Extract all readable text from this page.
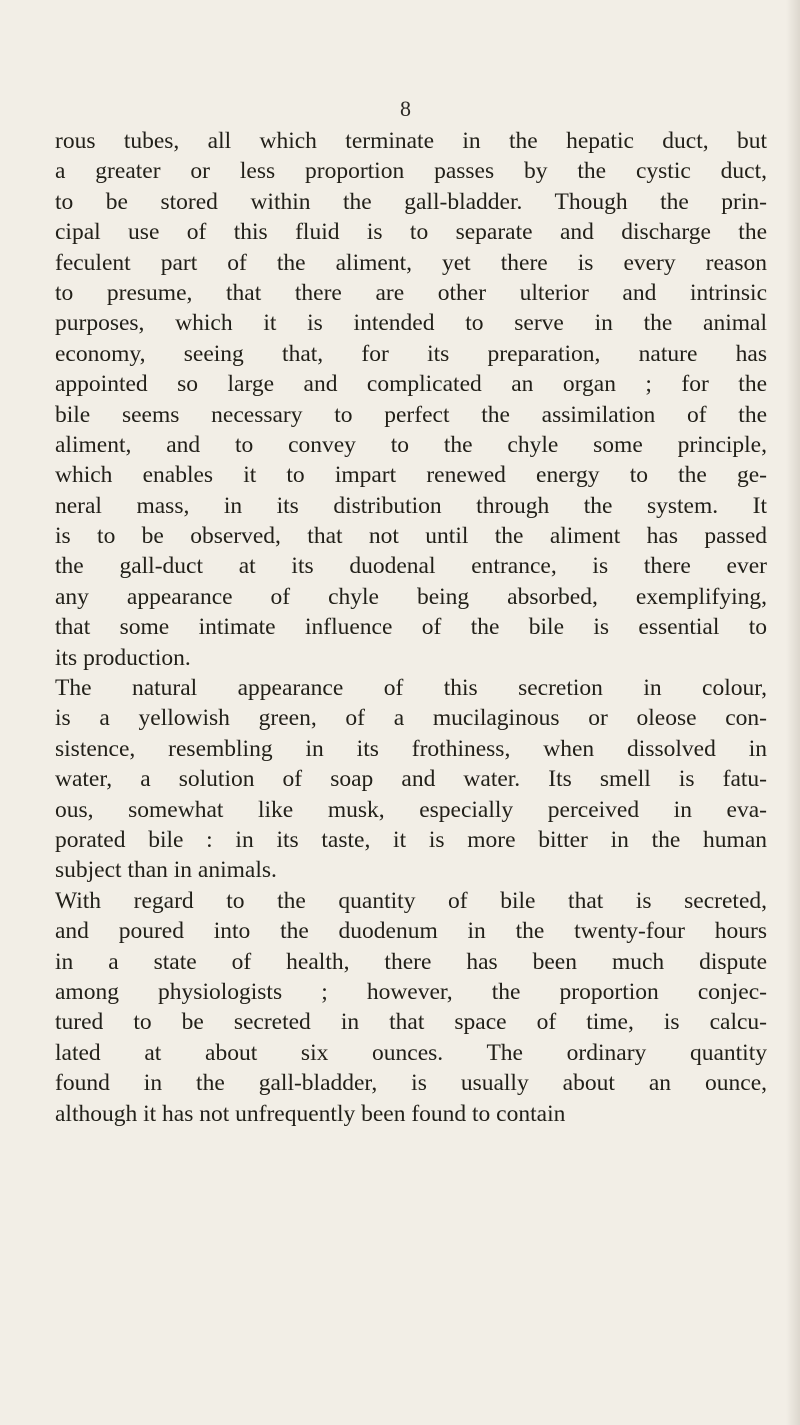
8
rous tubes, all which terminate in the hepatic duct, but
a greater or less proportion passes by the cystic duct,
to be stored within the gall-bladder. Though the prin-
cipal use of this fluid is to separate and discharge the
feculent part of the aliment, yet there is every reason
to presume, that there are other ulterior and intrinsic
purposes, which it is intended to serve in the animal
economy, seeing that, for its preparation, nature has
appointed so large and complicated an organ ; for the
bile seems necessary to perfect the assimilation of the
aliment, and to convey to the chyle some principle,
which enables it to impart renewed energy to the ge-
neral mass, in its distribution through the system. It
is to be observed, that not until the aliment has passed
the gall-duct at its duodenal entrance, is there ever
any appearance of chyle being absorbed, exemplifying,
that some intimate influence of the bile is essential to
its production.
The natural appearance of this secretion in colour,
is a yellowish green, of a mucilaginous or oleose con-
sistence, resembling in its frothiness, when dissolved in
water, a solution of soap and water. Its smell is fatu-
ous, somewhat like musk, especially perceived in eva-
porated bile : in its taste, it is more bitter in the human
subject than in animals.
With regard to the quantity of bile that is secreted,
and poured into the duodenum in the twenty-four hours
in a state of health, there has been much dispute
among physiologists ; however, the proportion conjec-
tured to be secreted in that space of time, is calcu-
lated at about six ounces. The ordinary quantity
found in the gall-bladder, is usually about an ounce,
although it has not unfrequently been found to contain
